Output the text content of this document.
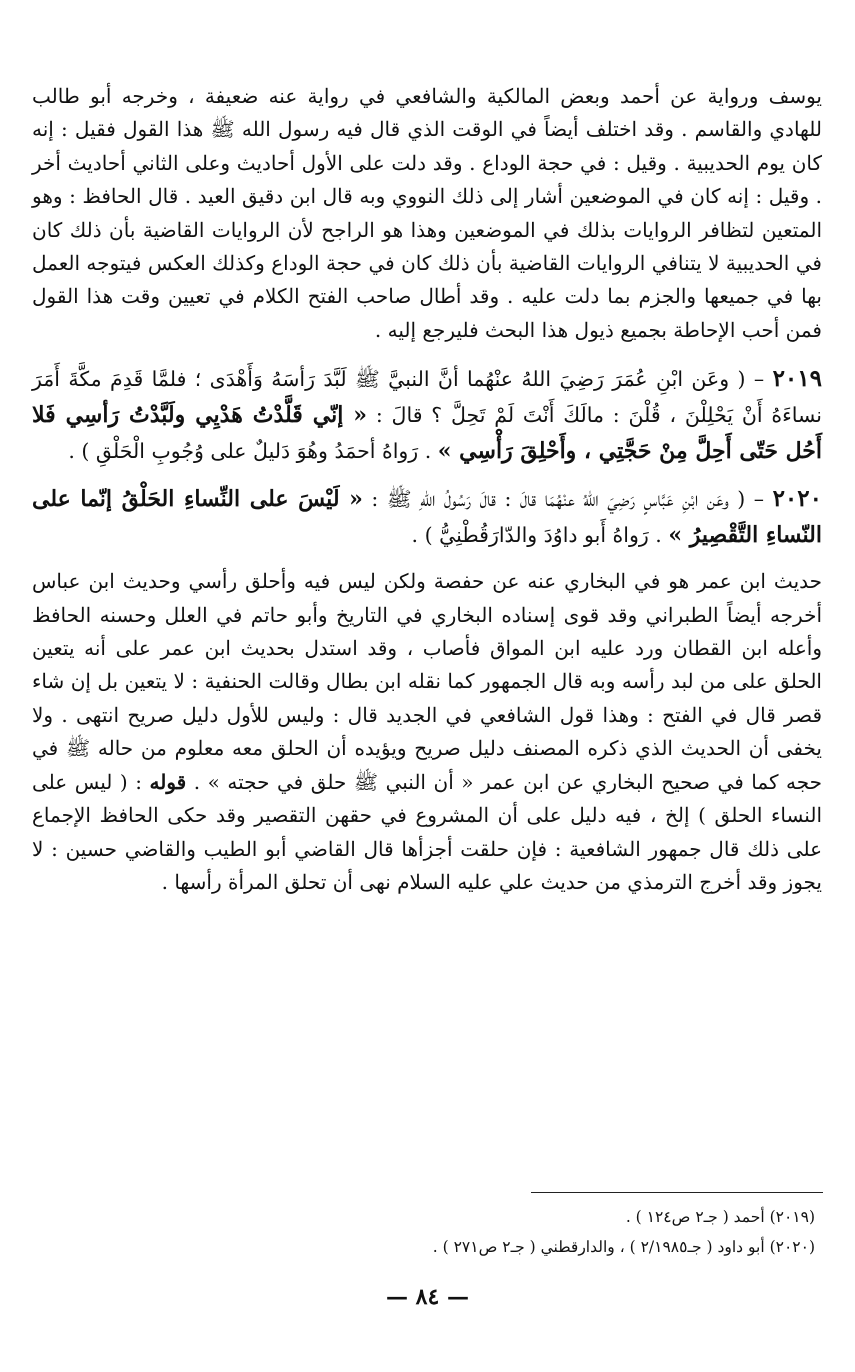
يوسف ورواية عن أحمد وبعض المالكية والشافعي في رواية عنه ضعيفة ، وخرجه أبو طالب للهادي والقاسم . وقد اختلف أيضاً في الوقت الذي قال فيه رسول الله ﷺ هذا القول فقيل : إنه كان يوم الحديبية . وقيل : في حجة الوداع . وقد دلت على الأول أحاديث وعلى الثاني أحاديث أخر . وقيل : إنه كان في الموضعين أشار إلى ذلك النووي وبه قال ابن دقيق العيد . قال الحافظ : وهو المتعين لتظافر الروايات بذلك في الموضعين وهذا هو الراجح لأن الروايات القاضية بأن ذلك كان في الحديبية لا يتنافي الروايات القاضية بأن ذلك كان في حجة الوداع وكذلك العكس فيتوجه العمل بها في جميعها والجزم بما دلت عليه . وقد أطال صاحب الفتح الكلام في تعيين وقت هذا القول فمن أحب الإحاطة بجميع ذيول هذا البحث فليرجع إليه .

٢٠١٩ – ( وعَن ابْنِ عُمَرَ رَضِيَ اللهُ عنْهُما أنَّ النبيَّ ﷺ لَبَّدَ رَأسَهُ وَأَهْدَى ؛ فلمَّا قَدِمَ مكَّةَ أَمَرَ نساءَهُ أَنْ يَحْلِلْنَ ، قُلْنَ : مالَكَ أَنْتَ لَمْ تَحِلَّ ؟ قالَ : « إنّي قَلَّدْتُ هَدْيِي ولَبَّدْتُ رَأسِي فَلا أَحُل حَتّى أَحِلَّ مِنْ حَجَّتِي ، وأَحْلِقَ رَأْسِي » . رَواهُ أحمَدُ وهُوَ دَليلٌ على وُجُوبِ الْحَلْقِ ) .

٢٠٢٠ – ( وعَن ابْنِ عَبَّاسٍ رَضِيَ اللهُ عنْهُمَا قالَ : قالَ رَسُولُ اللهِ ﷺ : « لَيْسَ على النِّساءِ الحَلْقُ إنّما على النّساءِ التَّقْصِيرُ » . رَواهُ أَبو داوُدَ والدّارَقُطْنِيُّ ) .

حديث ابن عمر هو في البخاري عنه عن حفصة ولكن ليس فيه وأحلق رأسي وحديث ابن عباس أخرجه أيضاً الطبراني وقد قوى إسناده البخاري في التاريخ وأبو حاتم في العلل وحسنه الحافظ وأعله ابن القطان ورد عليه ابن المواق فأصاب ، وقد استدل بحديث ابن عمر على أنه يتعين الحلق على من لبد رأسه وبه قال الجمهور كما نقله ابن بطال وقالت الحنفية : لا يتعين بل إن شاء قصر قال في الفتح : وهذا قول الشافعي في الجديد قال : وليس للأول دليل صريح انتهى . ولا يخفى أن الحديث الذي ذكره المصنف دليل صريح ويؤيده أن الحلق معه معلوم من حاله ﷺ في حجه كما في صحيح البخاري عن ابن عمر « أن النبي ﷺ حلق في حجته » . قوله : ( ليس على النساء الحلق ) إلخ ، فيه دليل على أن المشروع في حقهن التقصير وقد حكى الحافظ الإجماع على ذلك قال جمهور الشافعية : فإن حلقت أجزأها قال القاضي أبو الطيب والقاضي حسين : لا يجوز وقد أخرج الترمذي من حديث علي عليه السلام نهى أن تحلق المرأة رأسها .

(٢٠١٩) أحمد ( جـ٢ ص١٢٤ ) .
(٢٠٢٠) أبو داود ( جـ٢/١٩٨٥ ) ، والدارقطني ( جـ٢ ص٢٧١ ) .
— ٨٤ —
